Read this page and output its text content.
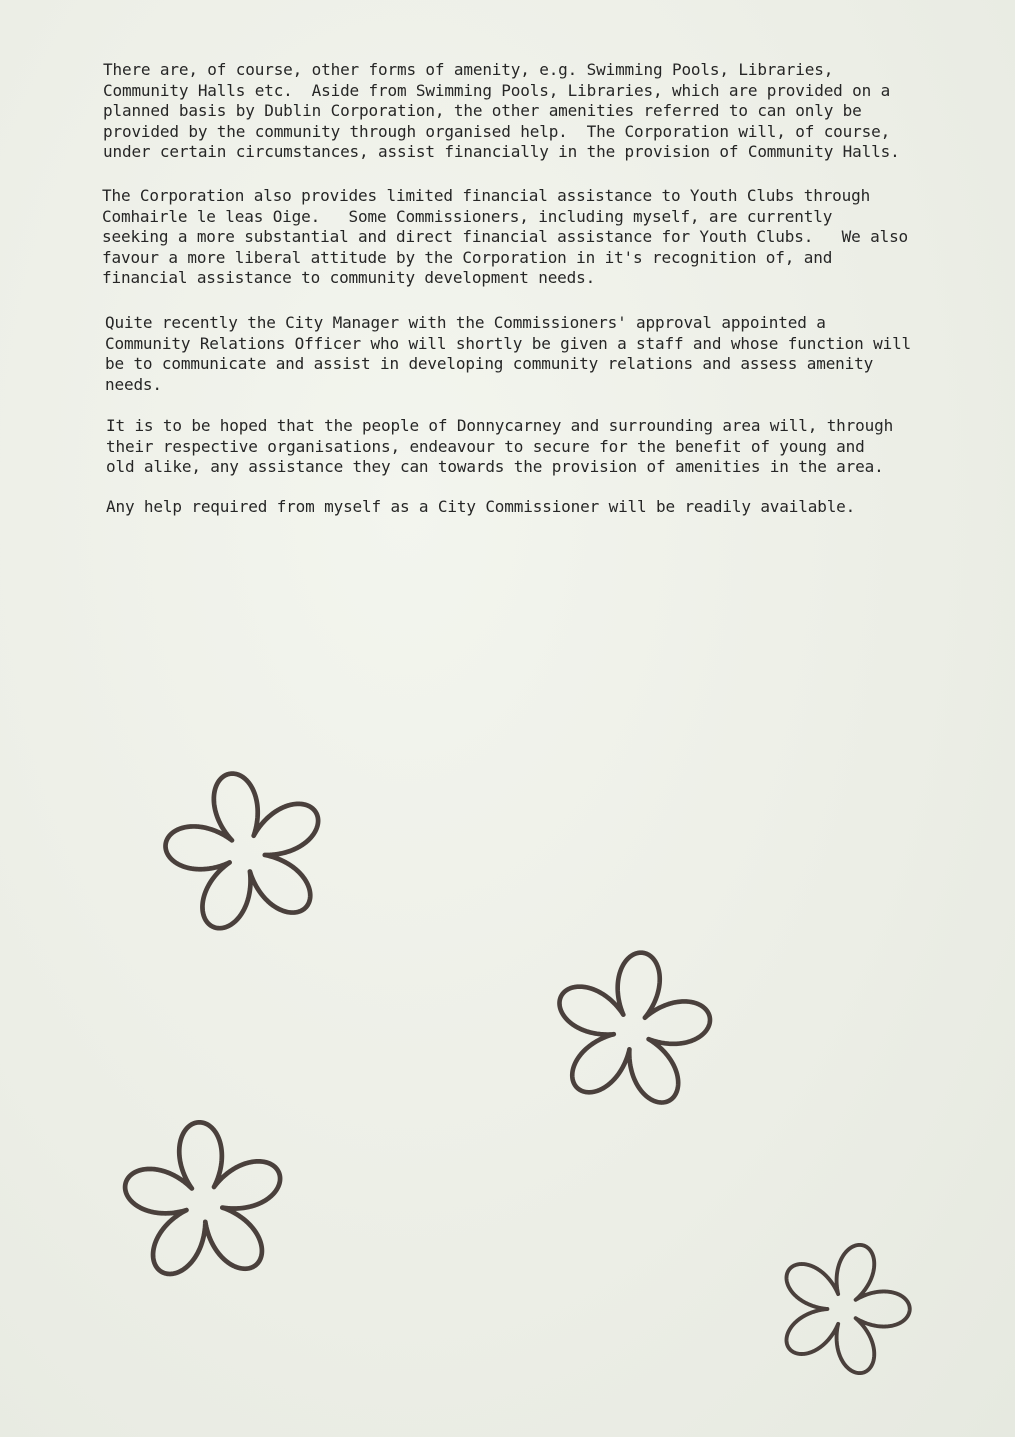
There are, of course, other forms of amenity, e.g. Swimming Pools, Libraries,
Community Halls etc.  Aside from Swimming Pools, Libraries, which are provided on a
planned basis by Dublin Corporation, the other amenities referred to can only be
provided by the community through organised help.  The Corporation will, of course,
under certain circumstances, assist financially in the provision of Community Halls.
The Corporation also provides limited financial assistance to Youth Clubs through
Comhairle le leas Oige.   Some Commissioners, including myself, are currently
seeking a more substantial and direct financial assistance for Youth Clubs.   We also
favour a more liberal attitude by the Corporation in it's recognition of, and
financial assistance to community development needs.
Quite recently the City Manager with the Commissioners' approval appointed a
Community Relations Officer who will shortly be given a staff and whose function will
be to communicate and assist in developing community relations and assess amenity
needs.
It is to be hoped that the people of Donnycarney and surrounding area will, through
their respective organisations, endeavour to secure for the benefit of young and
old alike, any assistance they can towards the provision of amenities in the area.
Any help required from myself as a City Commissioner will be readily available.
